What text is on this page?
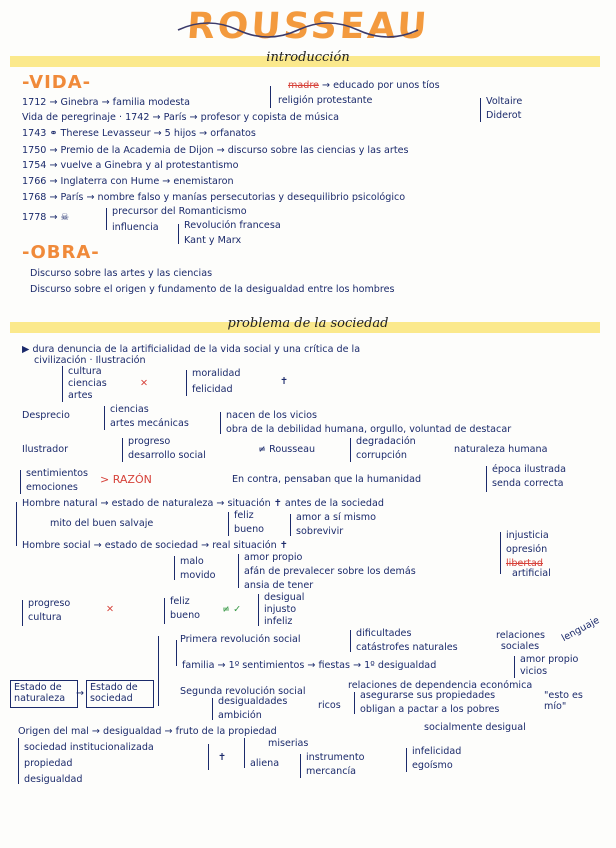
ROUSSEAU
introducción
-VIDA-	madre → educado por unos tíos
1712 → Ginebra → familia modesta	religión protestante
Vida de peregrinaje · 1742 → París → profesor y copista de música
Voltaire
Diderot
1743 ⚭ Therese Levasseur → 5 hijos → orfanatos
1750 → Premio de la Academia de Dijon → discurso sobre las ciencias y las artes
1754 → vuelve a Ginebra y al protestantismo
1766 → Inglaterra con Hume → enemistaron
1768 → París → nombre falso y manías persecutorias y desequilibrio psicológico
1778 → ☠
precursor del Romanticismo
influencia	Revolución francesa
Kant y Marx
-OBRA-
Discurso sobre las artes y las ciencias
Discurso sobre el origen y fundamento de la desigualdad entre los hombres
problema de la sociedad
▶ dura denuncia de la artificialidad de la vida social y una crítica de la
civilización · Ilustración
cultura
ciencias
artes
✕
moralidad
felicidad
✝
Desprecio
ciencias
artes mecánicas
nacen de los vicios
obra de la debilidad humana, orgullo, voluntad de destacar
Ilustrador
progreso
desarrollo social
≠ Rousseau
degradación
corrupción
naturaleza humana
sentimientos
emociones
> RAZÓN	En contra, pensaban que la humanidad
época ilustrada
senda correcta
Hombre natural → estado de naturaleza → situación ✝ antes de la sociedad
mito del buen salvaje
feliz
bueno
amor a sí mismo
sobrevivir
Hombre social → estado de sociedad → real situación ✝
malo
movido
amor propio
afán de prevalecer sobre los demás
ansia de tener
injusticia
opresión
libertad
artificial
progreso
cultura
✕
feliz
bueno
≠ ✓
desigual
injusto
infeliz
Primera revolución social
dificultades
catástrofes naturales
relaciones sociales
lenguaje
familia → 1º sentimientos → fiestas → 1º desigualdad
amor propio
vicios
Estado de naturaleza	→
Estado de sociedad
Segunda revolución social
relaciones de dependencia económica
desigualdades
ambición
ricos
asegurarse sus propiedades
obligan a pactar a los pobres
"esto es mío"
Origen del mal → desigualdad → fruto de la propiedad	socialmente desigual
sociedad institucionalizada
propiedad
desigualdad
✝
miserias
aliena
instrumento
mercancía
infelicidad
egoísmo
